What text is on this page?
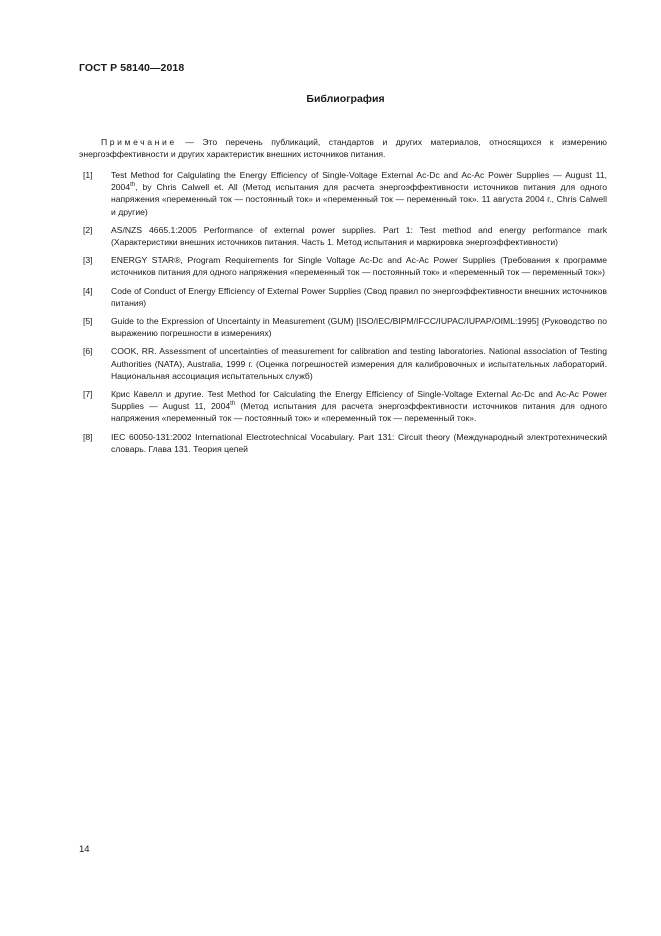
ГОСТ Р 58140—2018
Библиография
Примечание — Это перечень публикаций, стандартов и других материалов, относящихся к измерению энергоэффективности и других характеристик внешних источников питания.
[1]	Test Method for Calgulating the Energy Efficiency of Single-Voltage External Ac-Dc and Ac-Ac Power Supplies — August 11, 2004th, by Chris Calwell et. All (Метод испытания для расчета энергоэффективности источников питания для одного напряжения «переменный ток — постоянный ток» и «переменный ток — переменный ток». 11 августа 2004 г., Chris Calwell и другие)
[2]	AS/NZS 4665.1:2005 Performance of external power supplies. Part 1: Test method and energy performance mark (Характеристики внешних источников питания. Часть 1. Метод испытания и маркировка энергоэффективности)
[3]	ENERGY STAR®, Program Requirements for Single Voltage Ac-Dc and Ac-Ac Power Supplies (Требования к программе источников питания для одного напряжения «переменный ток — постоянный ток» и «переменный ток — переменный ток»)
[4]	Code of Conduct of Energy Efficiency of External Power Supplies (Свод правил по энергоэффективности внешних источников питания)
[5]	Guide to the Expression of Uncertainty in Measurement (GUM) [ISO/IEC/BIPM/IFCC/IUPAC/IUPAP/OIML:1995] (Руководство по выражению погрешности в измерениях)
[6]	COOK, RR. Assessment of uncertainties of measurement for calibration and testing laboratories. National association of Testing Authorities (NATA), Australia, 1999 г. (Оценка погрешностей измерения для калибровочных и испытательных лабораторий. Национальная ассоциация испытательных служб)
[7]	Крис Кавелл и другие. Test Method for Calculating the Energy Efficiency of Single-Voltage External Ac-Dc and Ac-Ac Power Supplies — August 11, 2004th (Метод испытания для расчета энергоэффективности источников питания для одного напряжения «переменный ток — постоянный ток» и «переменный ток — переменный ток».
[8]	IEC 60050-131:2002 International Electrotechnical Vocabulary. Part 131: Circuit theory (Международный электротехнический словарь. Глава 131. Теория цепей
14
